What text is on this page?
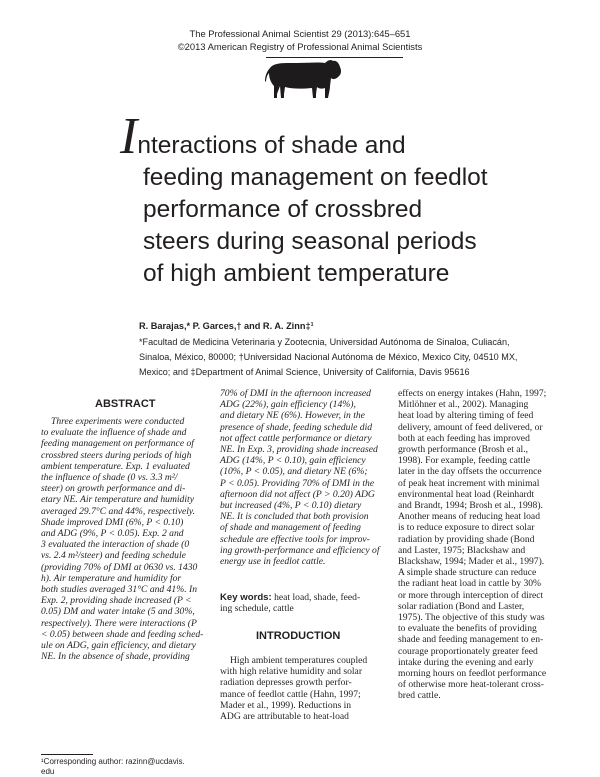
The Professional Animal Scientist 29 (2013):645–651
©2013 American Registry of Professional Animal Scientists
Interactions of shade and
feeding management on feedlot
performance of crossbred
steers during seasonal periods
of high ambient temperature
R. Barajas,* P. Garces,† and R. A. Zinn‡¹
*Facultad de Medicina Veterinaria y Zootecnia, Universidad Autónoma de Sinaloa, Culiacán,
Sinaloa, México, 80000; †Universidad Nacional Autónoma de México, Mexico City, 04510 MX,
Mexico; and ‡Department of Animal Science, University of California, Davis 95616
ABSTRACT
Three experiments were conducted
to evaluate the influence of shade and
feeding management on performance of
crossbred steers during periods of high
ambient temperature. Exp. 1 evaluated
the influence of shade (0 vs. 3.3 m²/
steer) on growth performance and di-
etary NE. Air temperature and humidity
averaged 29.7°C and 44%, respectively.
Shade improved DMI (6%, P < 0.10)
and ADG (9%, P < 0.05). Exp. 2 and
3 evaluated the interaction of shade (0
vs. 2.4 m²/steer) and feeding schedule
(providing 70% of DMI at 0630 vs. 1430
h). Air temperature and humidity for
both studies averaged 31°C and 41%. In
Exp. 2, providing shade increased (P <
0.05) DM and water intake (5 and 30%,
respectively). There were interactions (P
< 0.05) between shade and feeding sched-
ule on ADG, gain efficiency, and dietary
NE. In the absence of shade, providing
70% of DMI in the afternoon increased
ADG (22%), gain efficiency (14%),
and dietary NE (6%). However, in the
presence of shade, feeding schedule did
not affect cattle performance or dietary
NE. In Exp. 3, providing shade increased
ADG (14%, P < 0.10), gain efficiency
(10%, P < 0.05), and dietary NE (6%;
P < 0.05). Providing 70% of DMI in the
afternoon did not affect (P > 0.20) ADG
but increased (4%, P < 0.10) dietary
NE. It is concluded that both provision
of shade and management of feeding
schedule are effective tools for improv-
ing growth-performance and efficiency of
energy use in feedlot cattle.
Key words: heat load, shade, feed-
ing schedule, cattle
INTRODUCTION
High ambient temperatures coupled
with high relative humidity and solar
radiation depresses growth perfor-
mance of feedlot cattle (Hahn, 1997;
Mader et al., 1999). Reductions in
ADG are attributable to heat-load
effects on energy intakes (Hahn, 1997;
Mitlöhner et al., 2002). Managing
heat load by altering timing of feed
delivery, amount of feed delivered, or
both at each feeding has improved
growth performance (Brosh et al.,
1998). For example, feeding cattle
later in the day offsets the occurrence
of peak heat increment with minimal
environmental heat load (Reinhardt
and Brandt, 1994; Brosh et al., 1998).
Another means of reducing heat load
is to reduce exposure to direct solar
radiation by providing shade (Bond
and Laster, 1975; Blackshaw and
Blackshaw, 1994; Mader et al., 1997).
A simple shade structure can reduce
the radiant heat load in cattle by 30%
or more through interception of direct
solar radiation (Bond and Laster,
1975). The objective of this study was
to evaluate the benefits of providing
shade and feeding management to en-
courage proportionately greater feed
intake during the evening and early
morning hours on feedlot performance
of otherwise more heat-tolerant cross-
bred cattle.
¹Corresponding author: razinn@ucdavis.
edu
